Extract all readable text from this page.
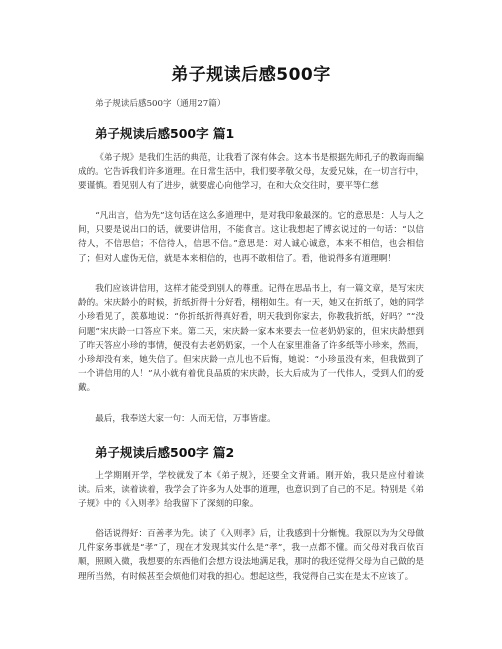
弟子规读后感500字
弟子规读后感500字（通用27篇）
弟子规读后感500字 篇1

《弟子规》是我们生活的典范，让我看了深有体会。这本书是根据先师孔子的教诲而编成的。它告诉我们许多道理。在日常生活中，我们要孝敬父母，友爱兄妹，在一切言行中，要谨慎。看见别人有了进步，就要虚心向他学习，在和大众交往时，要平等仁慈

“凡出言，信为先”这句话在这么多道理中，是对我印象最深的。它的意思是：人与人之间，只要是说出口的话，就要讲信用，不能食言。这让我想起了博玄说过的一句话：“以信待人，不信思信；不信待人，信思不信。”意思是：对人诚心诚意，本来不相信，也会相信了；但对人虚伪无信，就是本来相信的，也再不敢相信了。看，他说得多有道理啊！

我们应该讲信用，这样才能受到别人的尊重。记得在思品书上，有一篇文章，是写宋庆龄的。宋庆龄小的时候，折纸折得十分好看，栩栩如生。有一天，她又在折纸了，她的同学小珍看见了，羡慕地说：“你折纸折得真好看，明天我到你家去，你教我折纸，好吗？”“没问题”宋庆龄一口答应下来。第二天，宋庆龄一家本来要去一位老奶奶家的，但宋庆龄想到了昨天答应小珍的事情，便没有去老奶奶家，一个人在家里准备了许多纸等小珍来，然而，小珍却没有来，她失信了。但宋庆龄一点儿也不后悔，她说：“小珍虽没有来，但我做到了一个讲信用的人！”从小就有着优良品质的宋庆龄，长大后成为了一代伟人，受到人们的爱戴。

最后，我奉送大家一句：人而无信，万事皆虚。

弟子规读后感500字 篇2

上学期刚开学，学校就发了本《弟子规》，还要全文背诵。刚开始，我只是应付着读读。后来，读着读着，我学会了许多为人处事的道理，也意识到了自己的不足。特别是《弟子规》中的《入则孝》给我留下了深刻的印象。

俗话说得好：百善孝为先。读了《入则孝》后，让我感到十分惭愧。我原以为为父母做几件家务事就是“孝”了，现在才发现其实什么是“孝”，我一点都不懂。而父母对我百依百顺，照顾入微，我想要的东西他们会想方设法地满足我，那时的我还觉得父母为自己做的是理所当然，有时候甚至会烦他们对我的担心。想起这些，我觉得自己实在是太不应该了。
